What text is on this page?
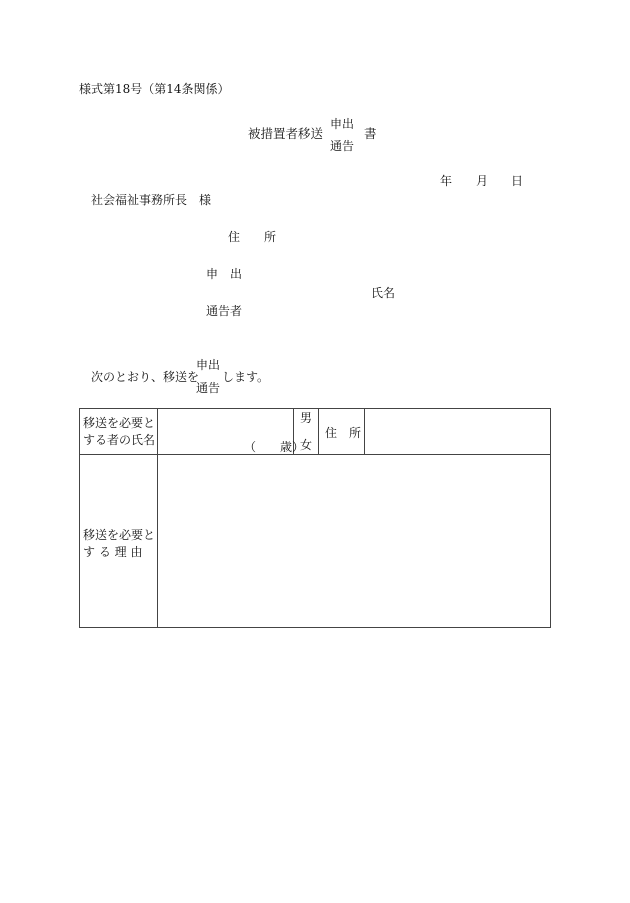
様式第18号（第14条関係）
被措置者移送
申出
通告
書
年 月 日
社会福祉事務所長　様
住　　所
申　出
氏名
通告者
次のとおり、移送を
申出
通告
します。
移送を必要と
する者の氏名	（　　歳）
男
女
住　所
移送を必要と
す る 理 由
